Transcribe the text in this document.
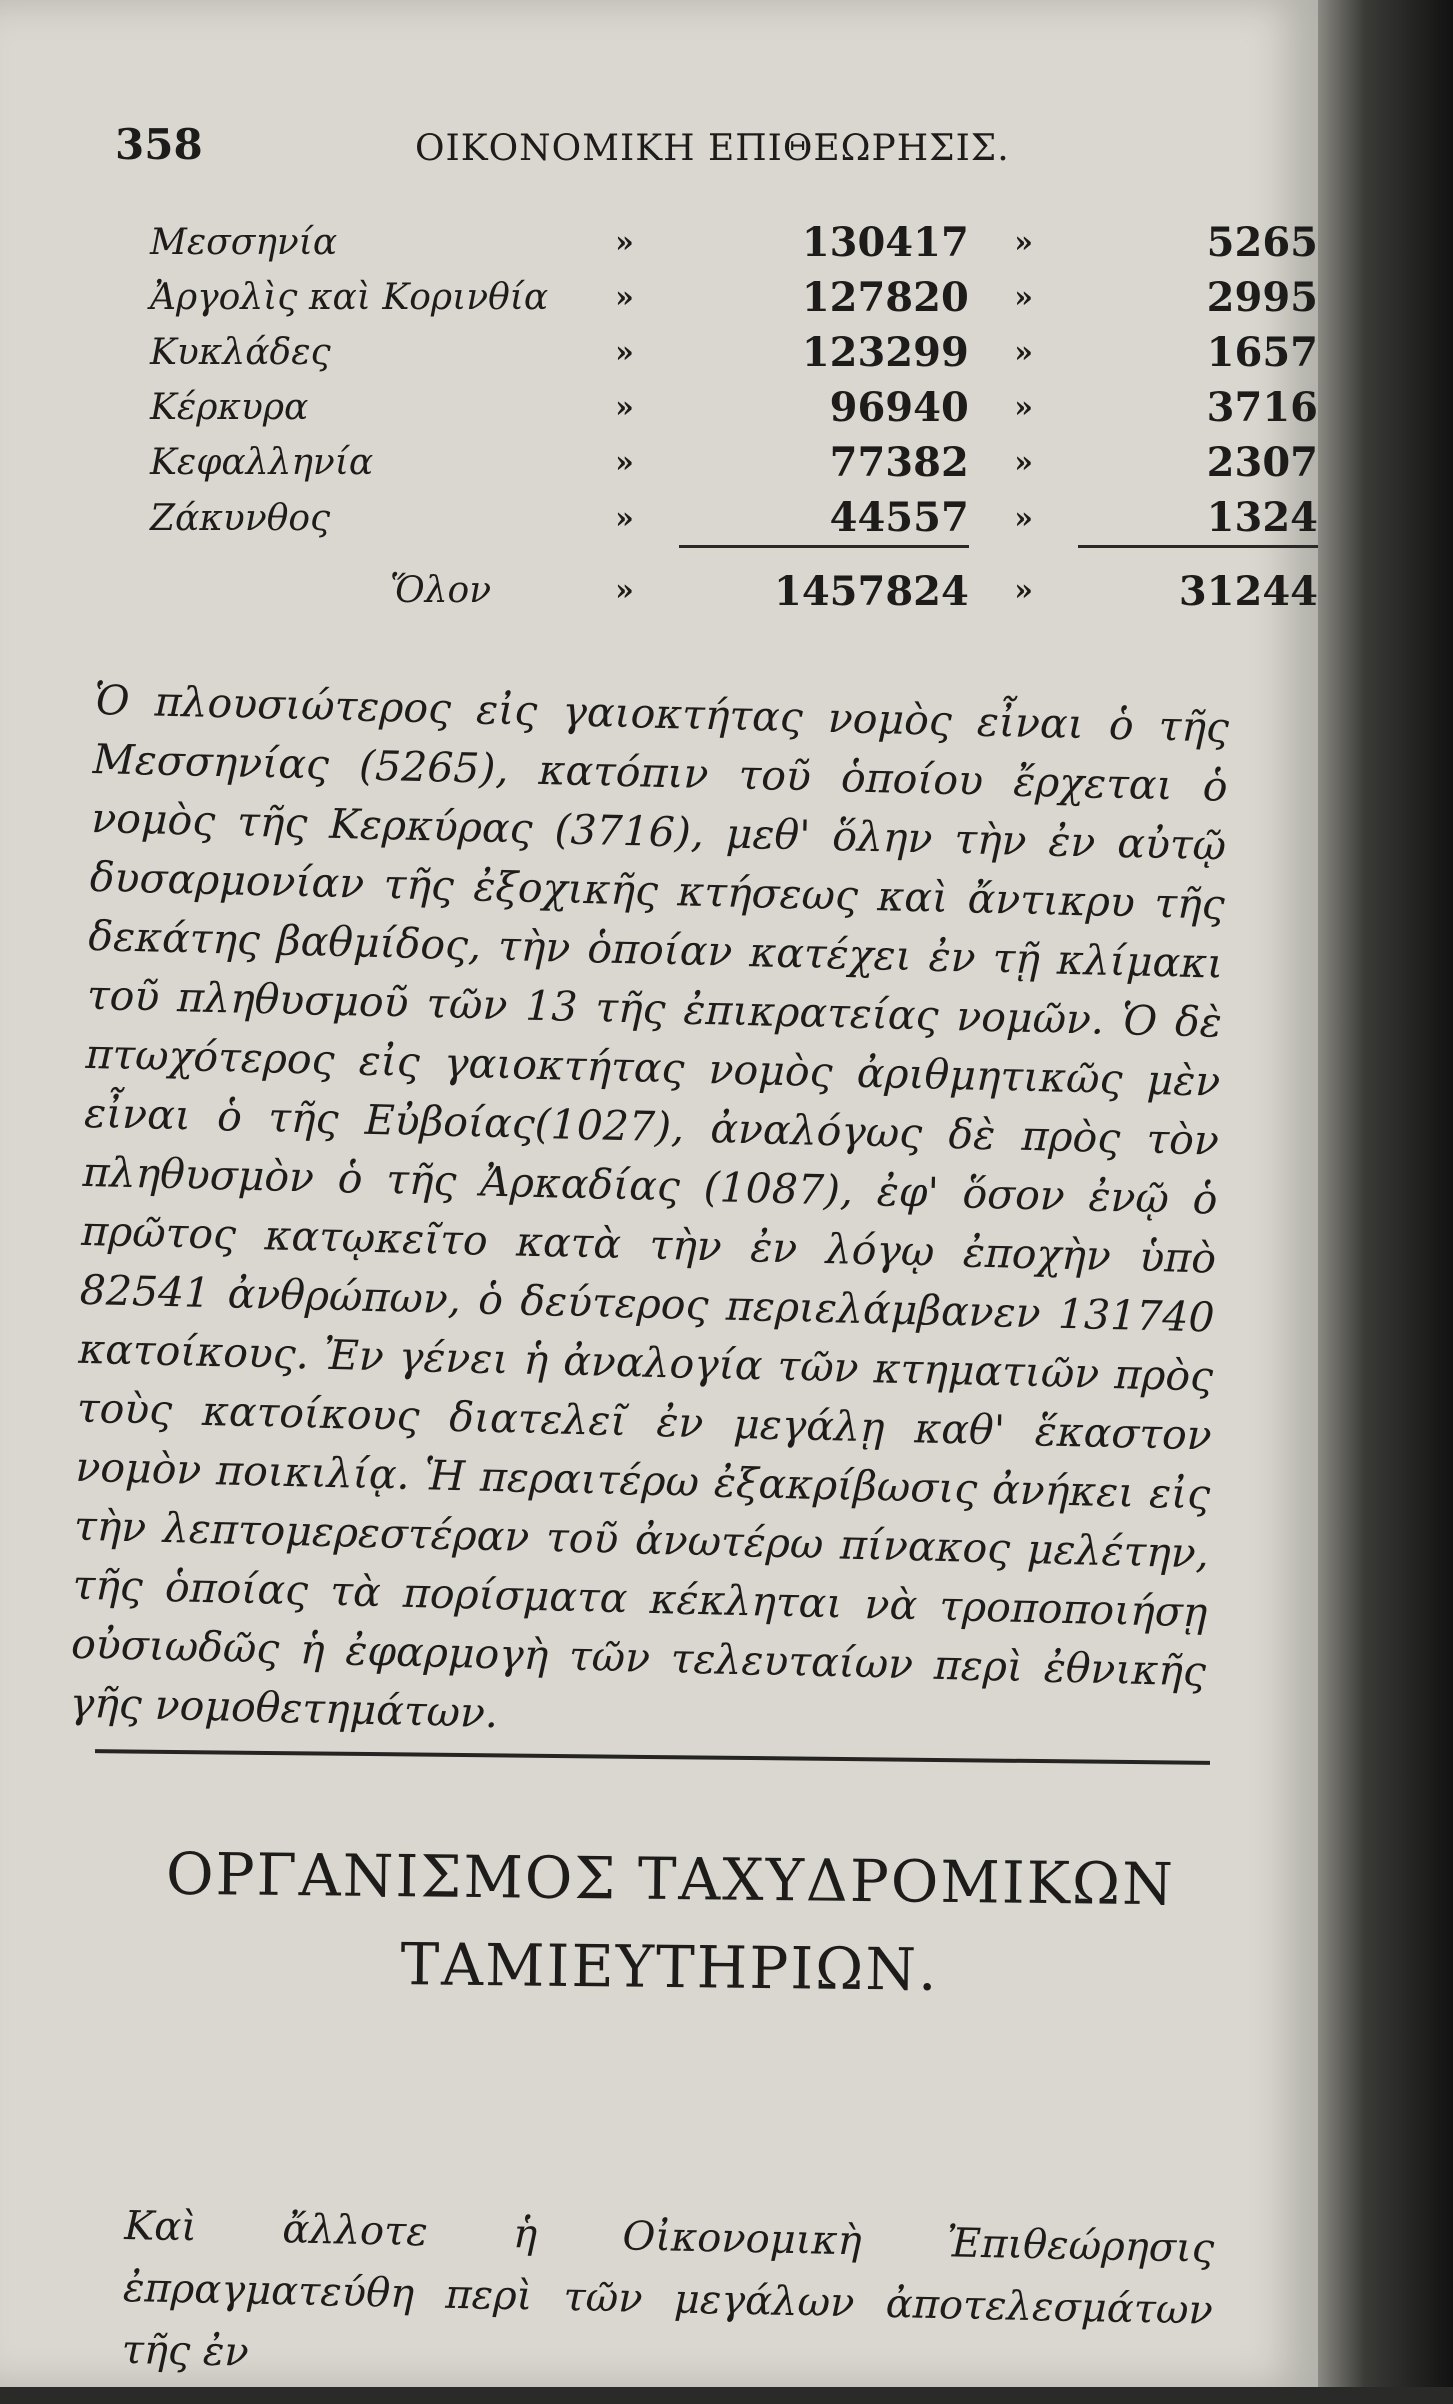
358	ΟΙΚΟΝΟΜΙΚΗ ΕΠΙΘΕΩΡΗΣΙΣ.
Μεσσηνία	»	130417	»	5265
Ἀργολὶς καὶ Κορινθία	»	127820	»	2995
Κυκλάδες	»	123299	»	1657
Κέρκυρα	»	96940	»	3716
Κεφαλληνία	»	77382	»	2307
Ζάκυνθος	»	44557	»	1324
Ὅλον	»	1457824	»	31244

Ὁ πλουσιώτερος εἰς γαιοκτήτας νομὸς εἶναι ὁ τῆς Μεσσηνίας (5265), κατόπιν τοῦ ὁποίου ἔρχεται ὁ νομὸς τῆς Κερκύρας (3716), μεθ' ὅλην τὴν ἐν αὐτῷ δυσαρμονίαν τῆς ἐξοχικῆς κτήσεως καὶ ἄντικρυ τῆς δεκάτης βαθμίδος, τὴν ὁποίαν κατέχει ἐν τῇ κλίμακι τοῦ πληθυσμοῦ τῶν 13 τῆς ἐπικρατείας νομῶν. Ὁ δὲ πτωχότερος εἰς γαιοκτήτας νομὸς ἀριθμητικῶς μὲν εἶναι ὁ τῆς Εὐβοίας(1027), ἀναλόγως δὲ πρὸς τὸν πληθυσμὸν ὁ τῆς Ἀρκαδίας (1087), ἐφ' ὅσον ἐνῷ ὁ πρῶτος κατῳκεῖτο κατὰ τὴν ἐν λόγῳ ἐποχὴν ὑπὸ 82541 ἀνθρώπων, ὁ δεύτερος περιελάμβανεν 131740 κατοίκους. Ἐν γένει ἡ ἀναλογία τῶν κτηματιῶν πρὸς τοὺς κατοίκους διατελεῖ ἐν μεγάλῃ καθ' ἕκαστον νομὸν ποικιλίᾳ. Ἡ περαιτέρω ἐξακρίβωσις ἀνήκει εἰς τὴν λεπτομερεστέραν τοῦ ἀνωτέρω πίνακος μελέτην, τῆς ὁποίας τὰ πορίσματα κέκληται νὰ τροποποιήσῃ οὐσιωδῶς ἡ ἐφαρμογὴ τῶν τελευταίων περὶ ἐθνικῆς γῆς νομοθετημάτων.

ΟΡΓΑΝΙΣΜΟΣ ΤΑΧΥΔΡΟΜΙΚΩΝ
ΤΑΜΙΕΥΤΗΡΙΩΝ.

Καὶ ἄλλοτε ἡ Οἰκονομικὴ Ἐπιθεώρησις ἐπραγματεύθη περὶ τῶν μεγάλων ἀποτελεσμάτων τῆς ἐν
